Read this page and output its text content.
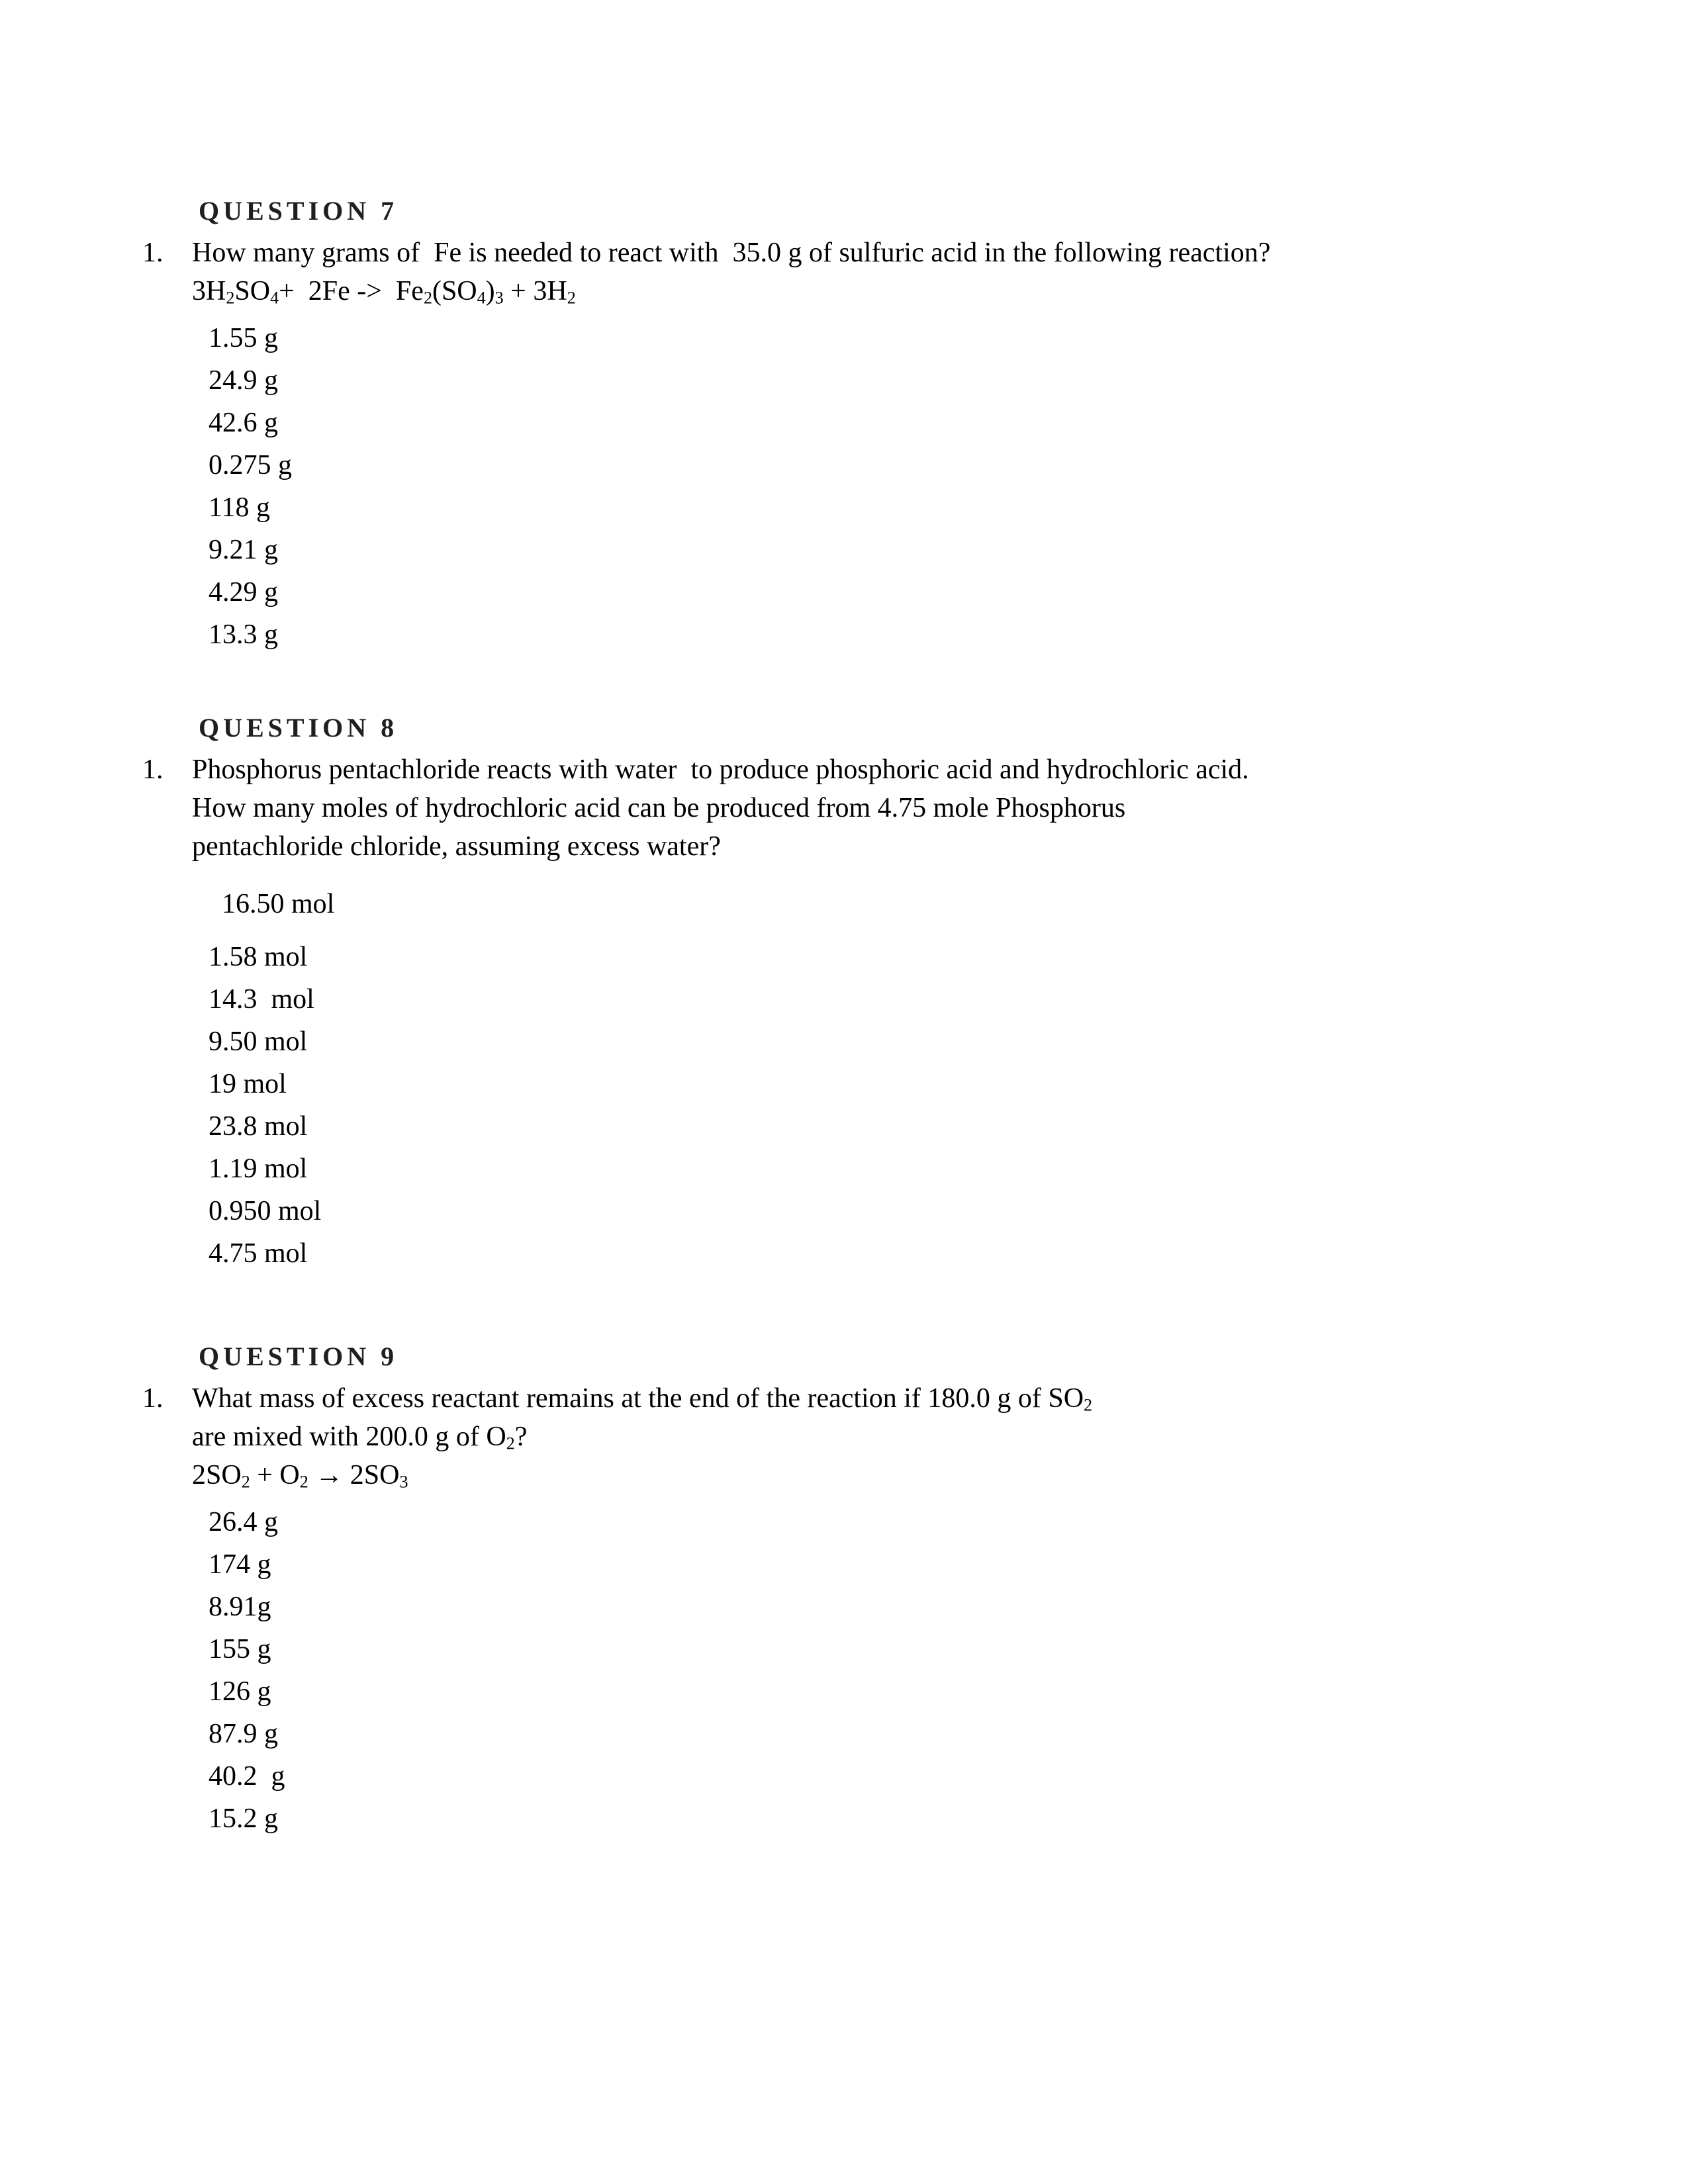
QUESTION 7
1.	How many grams of  Fe is needed to react with  35.0 g of sulfuric acid in the following reaction?
$3H_2SO_4+ 2Fe -> Fe_2(SO_4)_3 + 3H_2$
1.55 g
24.9 g
42.6 g
0.275 g
118 g
9.21 g
4.29 g
13.3 g
QUESTION 8
1.	Phosphorus pentachloride reacts with water  to produce phosphoric acid and hydrochloric acid.
How many moles of hydrochloric acid can be produced from 4.75 mole Phosphorus
pentachloride chloride, assuming excess water?
16.50 mol
1.58 mol
14.3  mol
9.50 mol
19 mol
23.8 mol
1.19 mol
0.950 mol
4.75 mol
QUESTION 9
1.	What mass of excess reactant remains at the end of the reaction if 180.0 g of $SO_2$
are mixed with 200.0 g of $O_2$?
$2SO_2 + O_2 \to 2SO_3$
26.4 g
174 g
8.91g
155 g
126 g
87.9 g
40.2  g
15.2 g
